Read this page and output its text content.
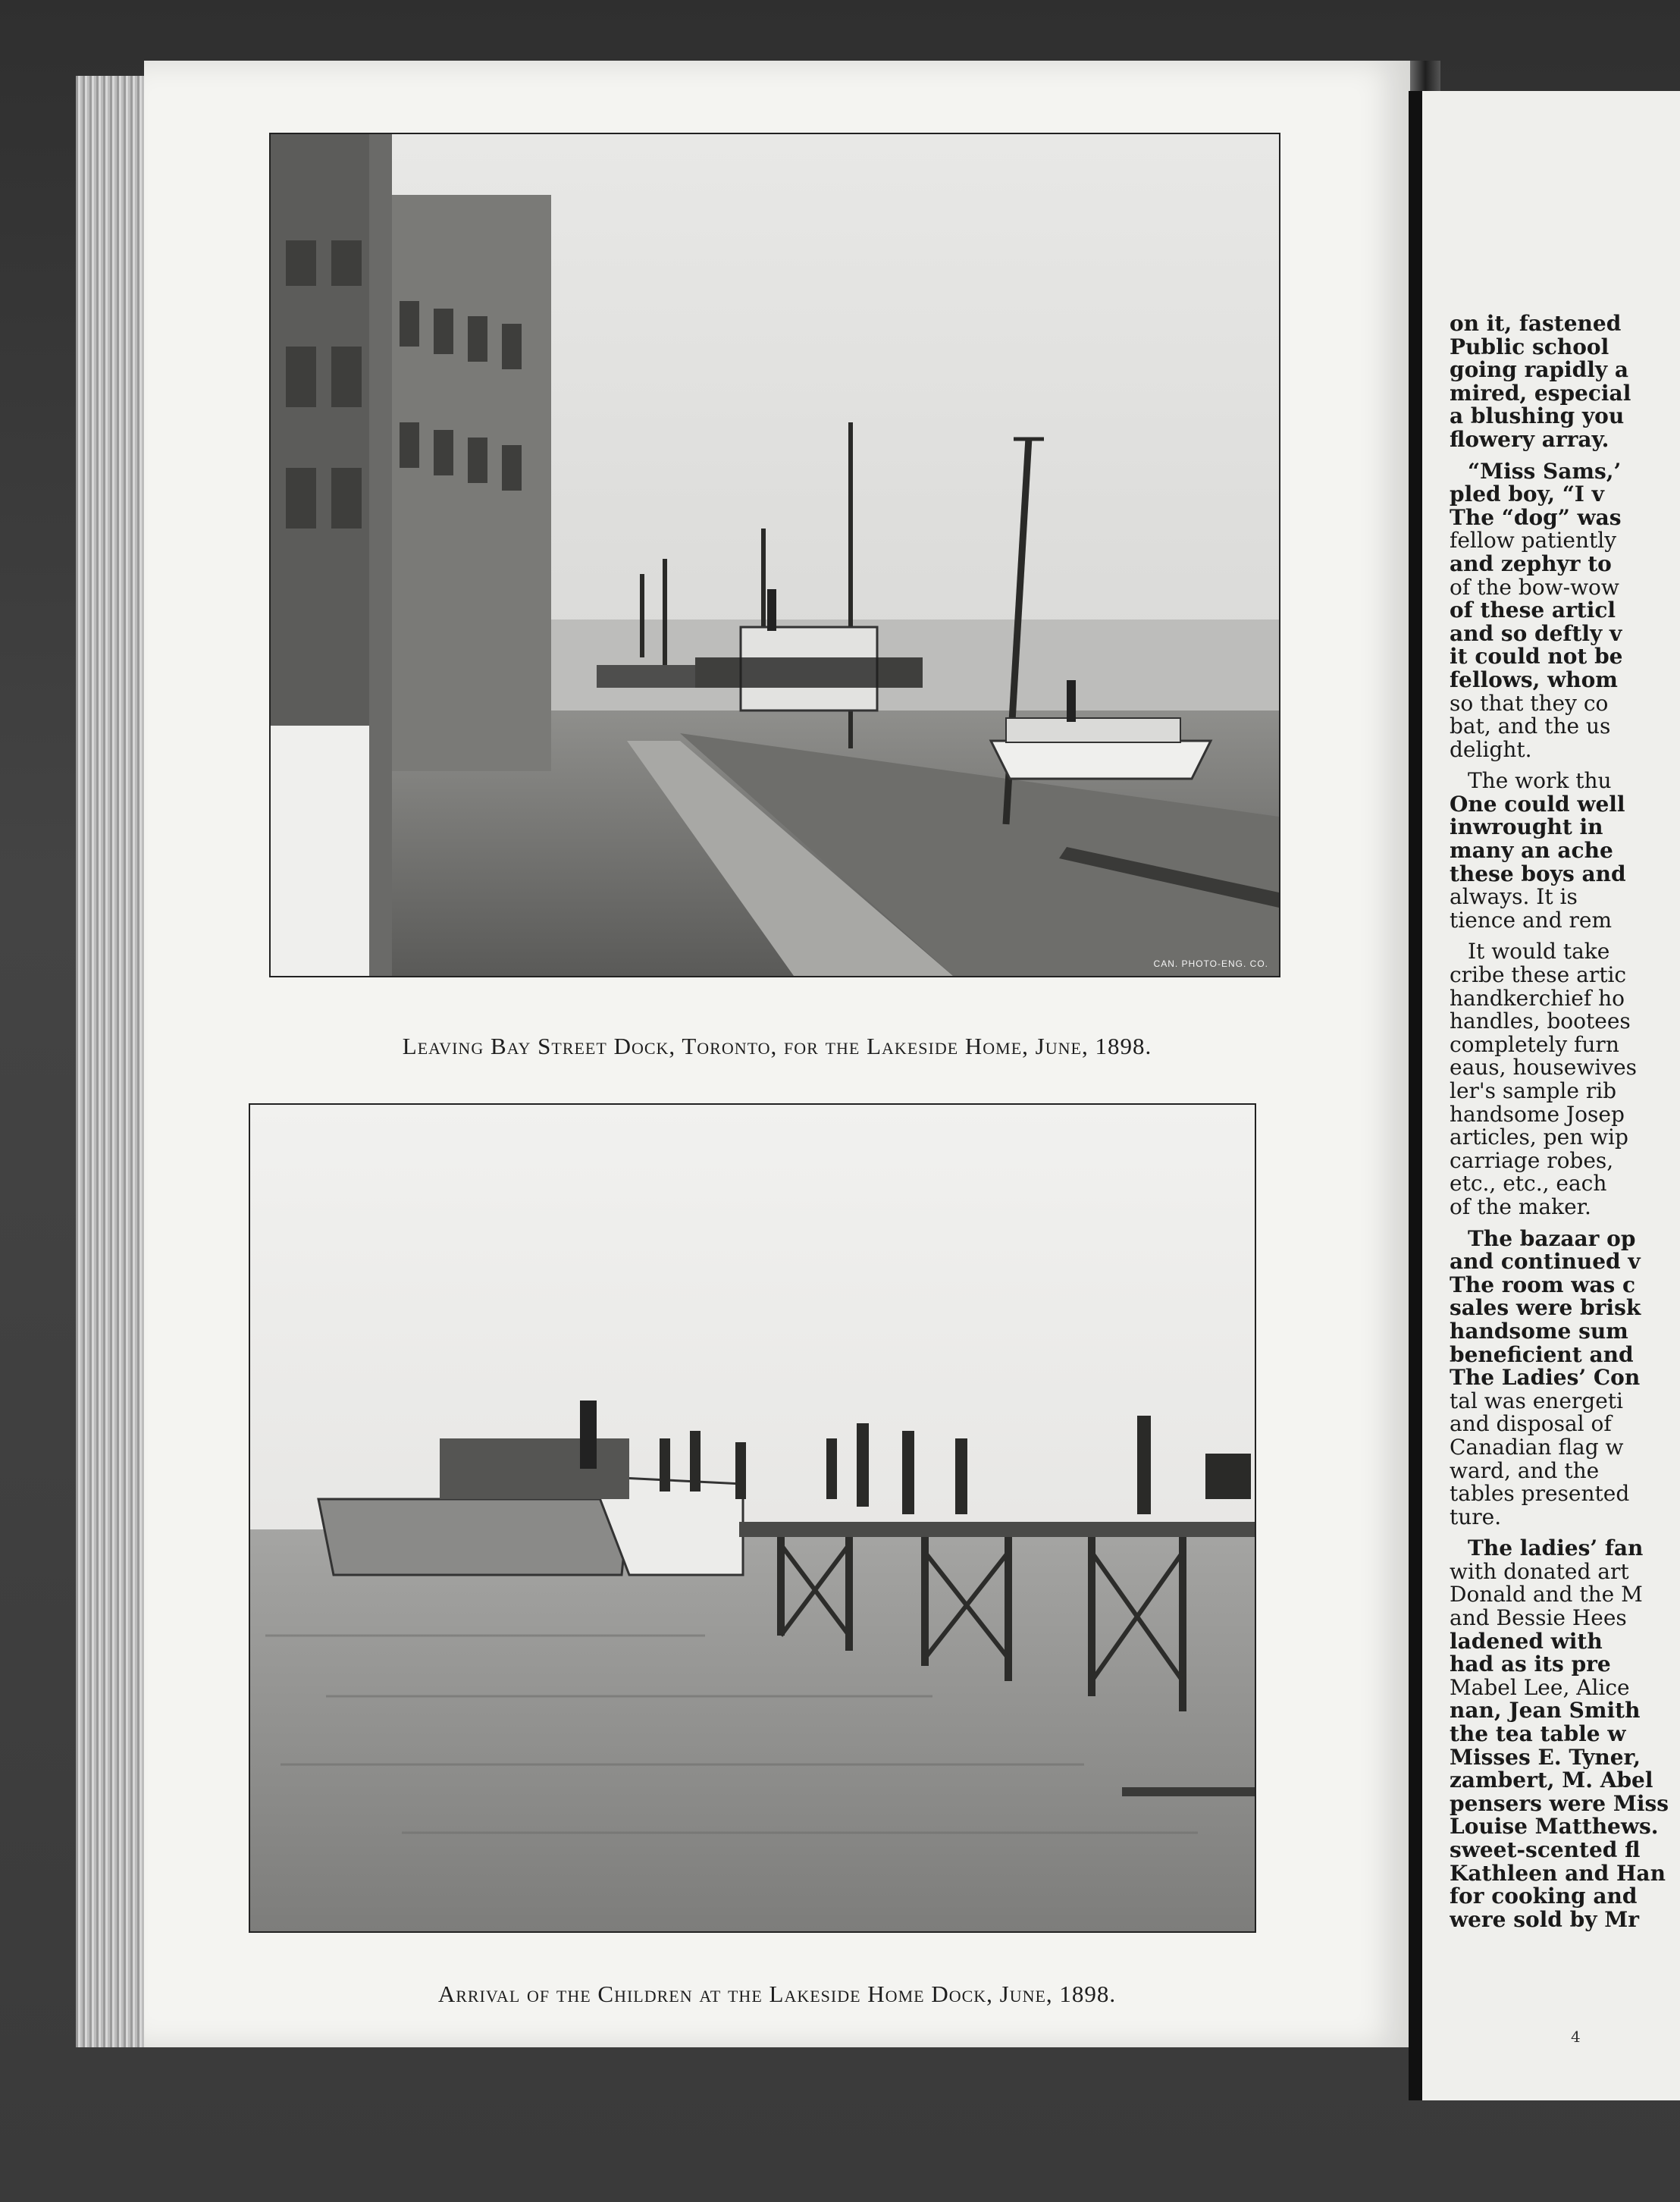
CAN. PHOTO-ENG. CO.
Leaving Bay Street Dock, Toronto, for the Lakeside Home, June, 1898.
Arrival of the Children at the Lakeside Home Dock, June, 1898.
on it, fastened
Public school
going rapidly a
mired, especial
a blushing you
flowery array.
“Miss Sams,’
pled boy, “I v
The “dog” was
fellow patiently
and zephyr to
of the bow-wow
of these articl
and so deftly v
it could not be
fellows, whom
so that they co
bat, and the us
delight.
The work thu
One could well
inwrought in
many an ache
these boys and
always. It is
tience and rem
It would take
cribe these artic
handkerchief ho
handles, bootees
completely furn
eaus, housewives
ler's sample rib
handsome Josep
articles, pen wip
carriage robes,
etc., etc., each
of the maker.
The bazaar op
and continued v
The room was c
sales were brisk
handsome sum
beneficient and
The Ladies’ Con
tal was energeti
and disposal of
Canadian flag w
ward, and the
tables presented
ture.
The ladies’ fan
with donated art
Donald and the M
and Bessie Hees
ladened with
had as its pre
Mabel Lee, Alice
nan, Jean Smith
the tea table w
Misses E. Tyner,
zambert, M. Abel
pensers were Miss
Louise Matthews.
sweet-scented fl
Kathleen and Han
for cooking and
were sold by Mr
4
